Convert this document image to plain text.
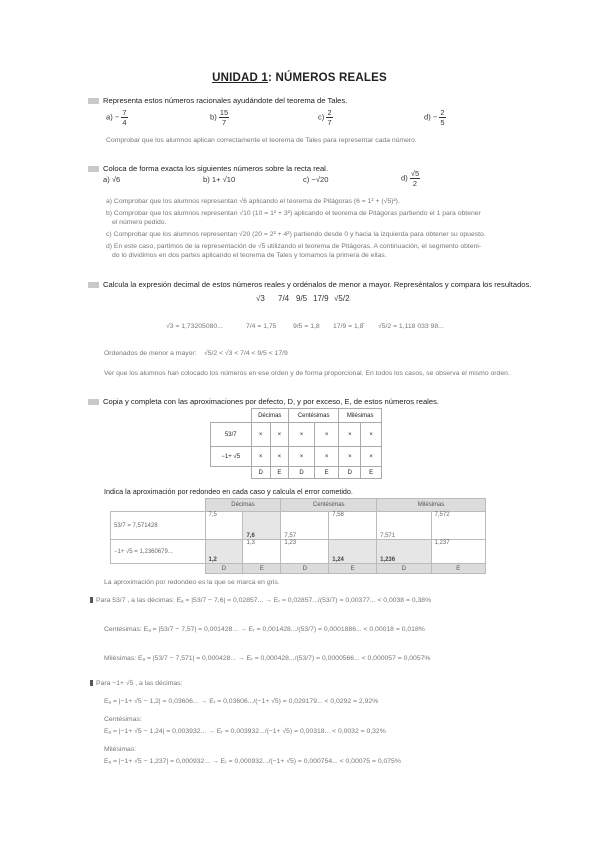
UNIDAD 1: NÚMEROS REALES
Representa estos números racionales ayudándote del teorema de Tales.
$a) - \frac{7}{4}$	$b) \frac{15}{7}$	$c) \frac{2}{7}$	$d) - \frac{2}{5}$
Comprobar que los alumnos aplican correctamente el teorema de Tales para representar cada número.
Coloca de forma exacta los siguientes números sobre la recta real.
a) √6	b) 1+ √10	c) −√20	$d) \frac{√5}{2}$
a) Comprobar que los alumnos representan √6 aplicando el teorema de Pitágoras (6 = 1² + (√5)²).
b) Comprobar que los alumnos representan √10 (10 = 1² + 3²) aplicando el teorema de Pitágoras partiendo el 1 para obtener
el número pedido.
c) Comprobar que los alumnos representan √20 (20 = 2² + 4²) partiendo desde 0 y hacia la izquierda para obtener su opuesto.
d) En este caso, partimos de la representación de √5 utilizando el teorema de Pitágoras. A continuación, el segmento obteni-
do lo dividimos en dos partes aplicando el teorema de Tales y tomamos la primera de ellas.
Calcula la expresión decimal de estos números reales y ordénalos de menor a mayor. Represéntalos y compara los resultados.
√3 7/4 9/5 17/9 √5/2
√3 = 1,73205080...	7/4 = 1,75 9/5 = 1,8 17/9 = 1,8̂ √5/2 = 1,118 033 98...
Ordenados de menor a mayor: √5/2 < √3 < 7/4 < 9/5 < 17/9
Ver que los alumnos han colocado los números en ese orden y de forma proporcional. En todos los casos, se observa el mismo orden.
Copia y completa con las aproximaciones por defecto, D, y por exceso, E, de estos números reales.
	Décimas		Centésimas		Milésimas	
53/7	×	×	×	×	×	×
−1+ √5	×	×	×	×	×	×
	D	E	D	E	D	E
Indica la aproximación por redondeo en cada caso y calcula el error cometido.
	Décimas		Centésimas		Milésimas	
53/7 = 7,571428	7,5	7,6	7,57	7,58	7,571	7,572
−1+ √5 = 1,2360679...	1,2	1,3	1,23	1,24	1,236	1,237
	D	E	D	E	D	E
La aproximación por redondeo es la que se marca en gris.
Para 53/7 , a las décimas: Eₐ = |53/7 − 7,6| = 0,02857... → Eᵣ = 0,02857.../(53/7) = 0,00377... < 0,0038 = 0,38%
Centésimas: Eₐ = |53/7 − 7,57| = 0,001428... → Eᵣ = 0,001428.../(53/7) = 0,0001886... < 0,00018 = 0,018%
Milésimas: Eₐ = |53/7 − 7,571| = 0,000428... → Eᵣ = 0,000428.../(53/7) = 0,0000566... < 0,000057 = 0,0057%
Para −1+ √5 , a las décimas:
Eₐ = |−1+ √5 − 1,2| = 0,03606... → Eᵣ = 0,03606.../(−1+ √5) = 0,029179... < 0,0292 = 2,92%
Centésimas:
Eₐ = |−1+ √5 − 1,24| = 0,003932... → Eᵣ = 0,003932.../(−1+ √5) = 0,00318... < 0,0032 = 0,32%
Milésimas:
Eₐ = |−1+ √5 − 1,237| = 0,000932... → Eᵣ = 0,000932.../(−1+ √5) = 0,000754... < 0,00075 = 0,075%
